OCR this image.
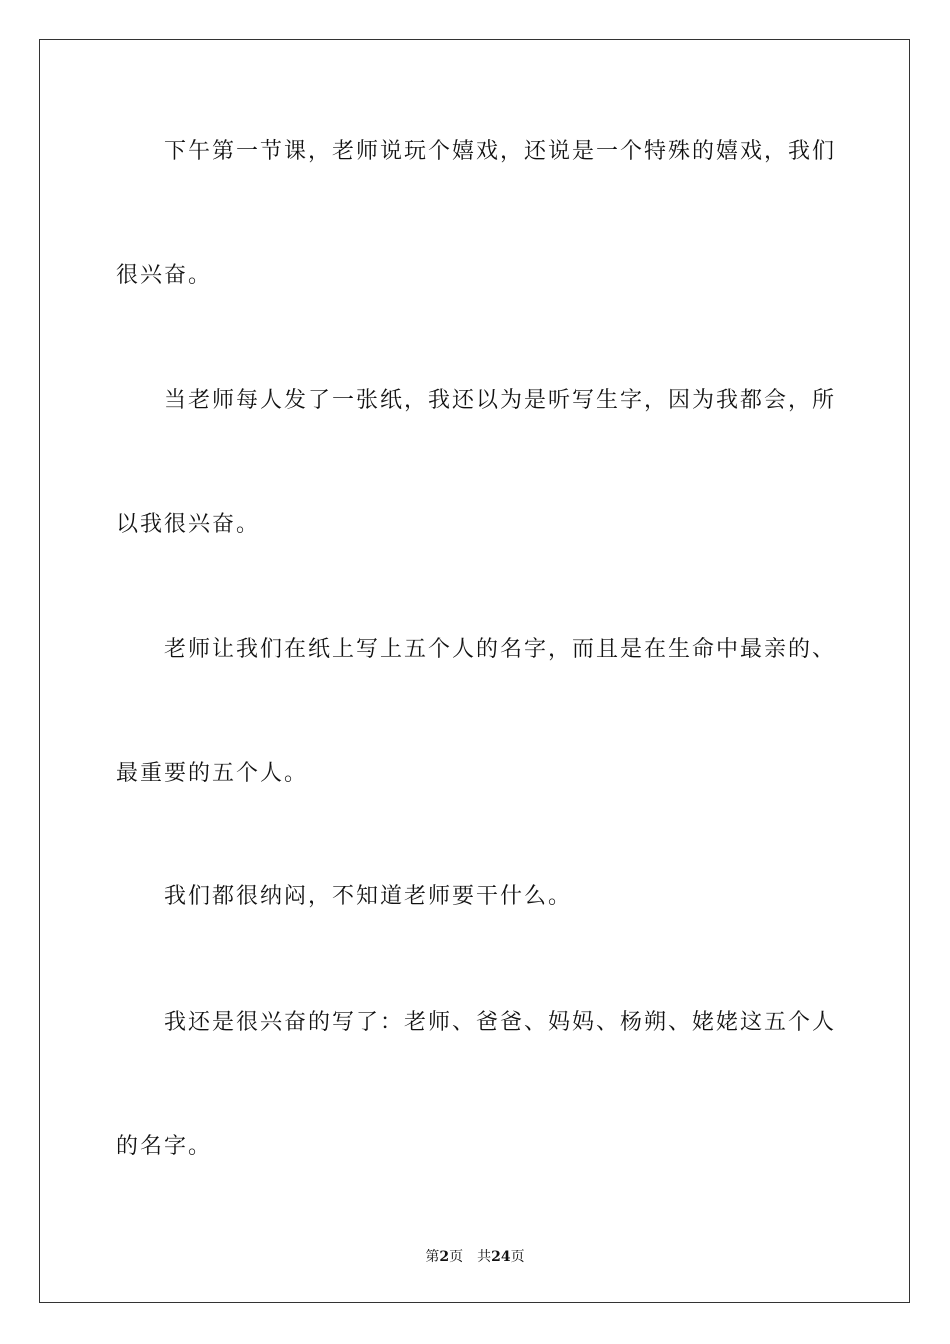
下午第一节课，老师说玩个嬉戏，还说是一个特殊的嬉戏，我们
很兴奋。
当老师每人发了一张纸，我还以为是听写生字，因为我都会，所
以我很兴奋。
老师让我们在纸上写上五个人的名字，而且是在生命中最亲的、
最重要的五个人。
我们都很纳闷，不知道老师要干什么。
我还是很兴奋的写了：老师、爸爸、妈妈、杨朔、姥姥这五个人
的名字。
第2页 共24页
